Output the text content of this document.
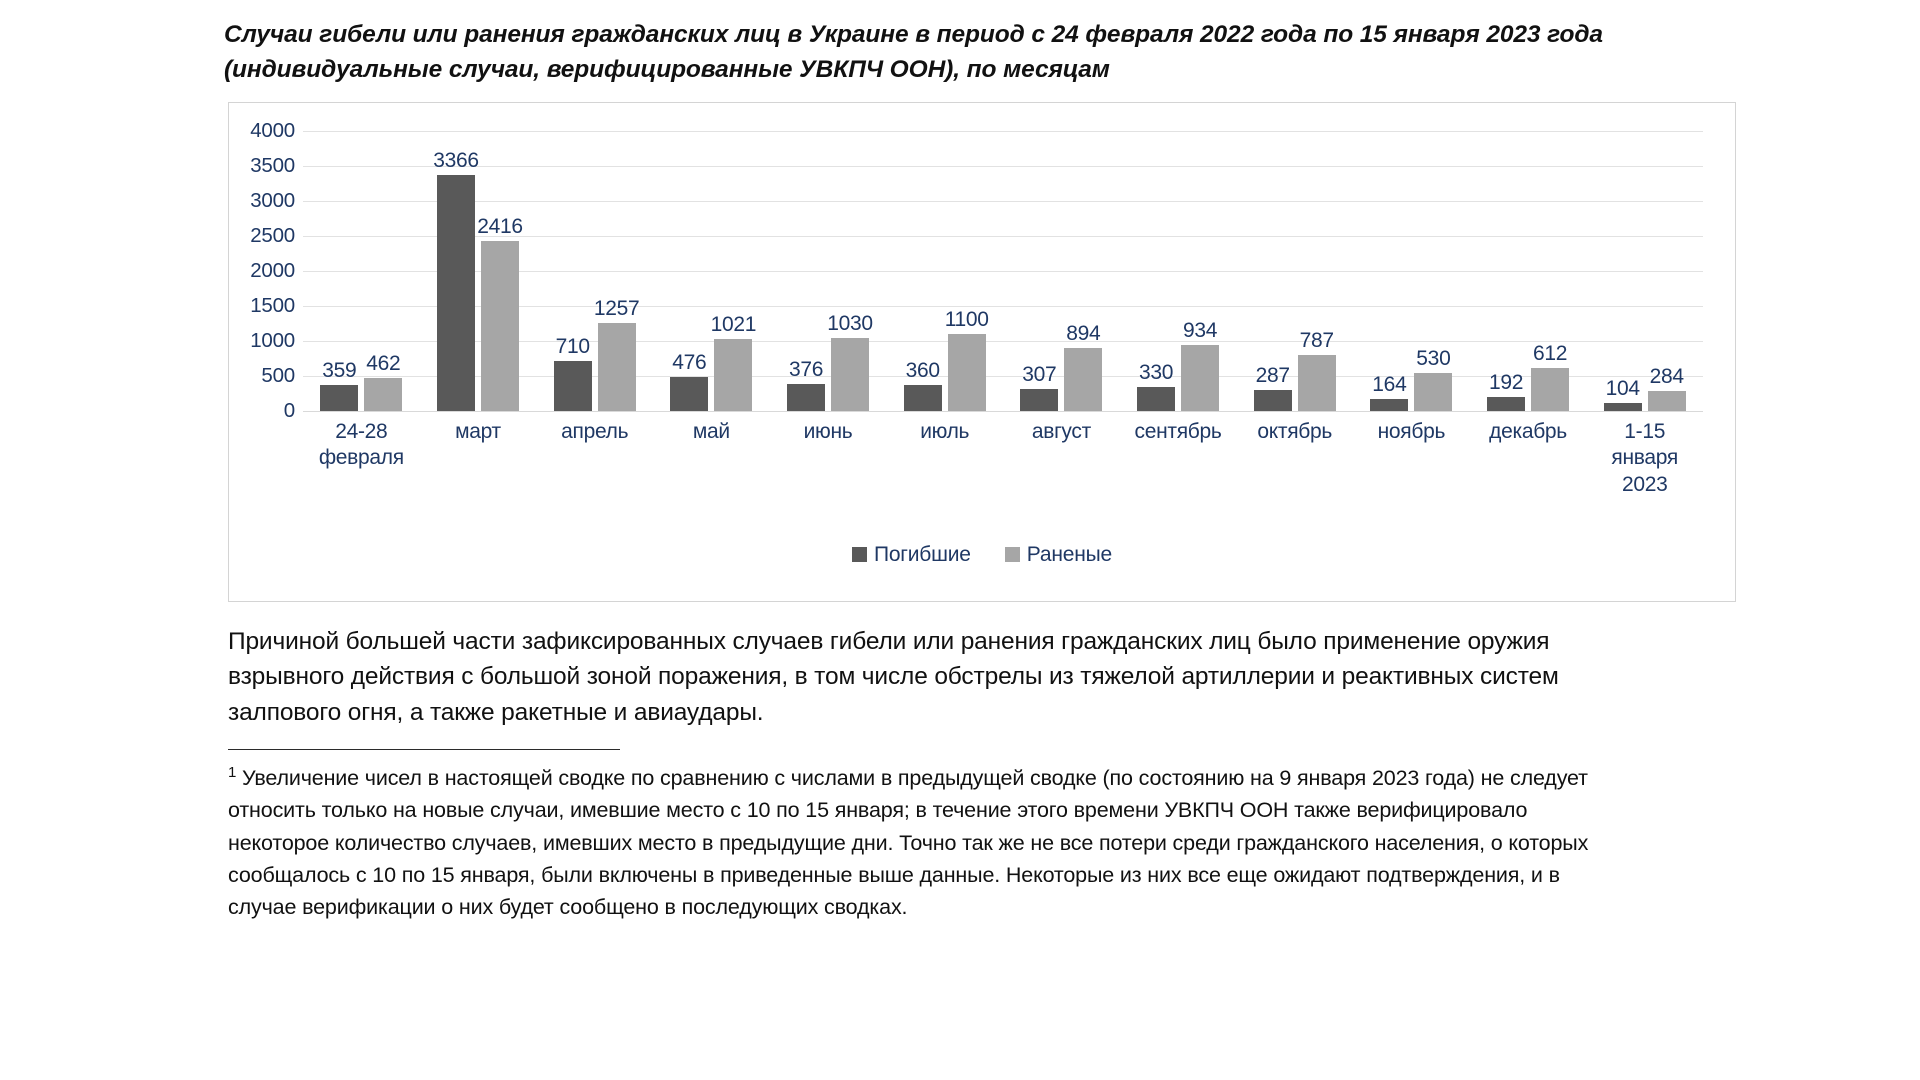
Случаи гибели или ранения гражданских лиц в Украине в период с 24 февраля 2022 года по 15 января 2023 года (индивидуальные случаи, верифицированные УВКПЧ ООН), по месяцам
4000
3500
3000
2500
2000
1500
1000
500
0
359 462
3366
2416
710
1257
476
1021
376
1030
360
1100
307
894
330
934
287
787
164
530
192
612
104
284
24-28 февраля
март	апрель	май	июнь	июль	август	сентябрь	октябрь	ноябрь	декабрь	1-15 января 2023
Погибшие	Раненые
Причиной большей части зафиксированных случаев гибели или ранения гражданских лиц было применение оружия взрывного действия с большой зоной поражения, в том числе обстрелы из тяжелой артиллерии и реактивных систем залпового огня, а также ракетные и авиаудары.
$^1$ Увеличение чисел в настоящей сводке по сравнению с числами в предыдущей сводке (по состоянию на 9 января 2023 года) не следует относить только на новые случаи, имевшие место с 10 по 15 января; в течение этого времени УВКПЧ ООН также верифицировало некоторое количество случаев, имевших место в предыдущие дни. Точно так же не все потери среди гражданского населения, о которых сообщалось с 10 по 15 января, были включены в приведенные выше данные. Некоторые из них все еще ожидают подтверждения, и в случае верификации о них будет сообщено в последующих сводках.
